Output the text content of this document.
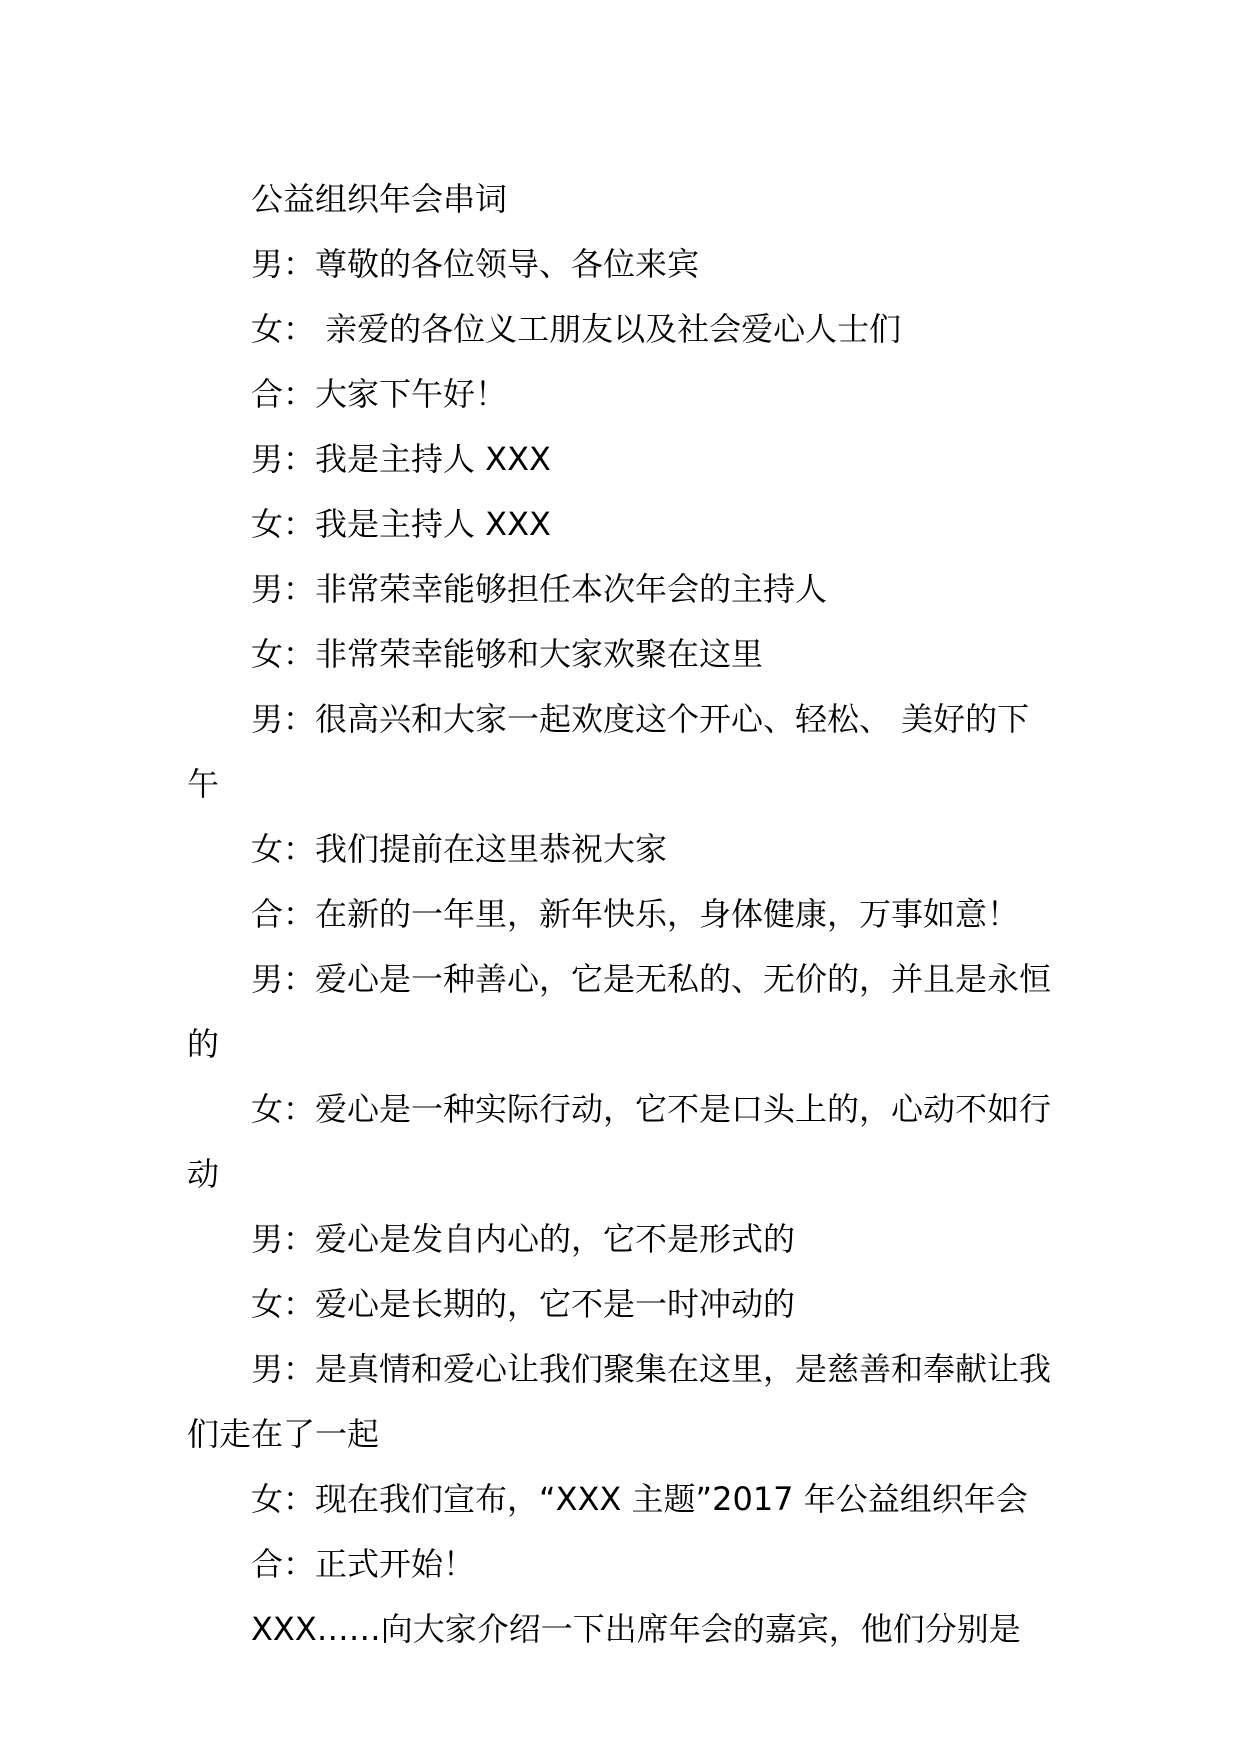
公益组织年会串词

男：尊敬的各位领导、各位来宾

女： 亲爱的各位义工朋友以及社会爱心人士们

合：大家下午好！

男：我是主持人 XXX

女：我是主持人 XXX

男：非常荣幸能够担任本次年会的主持人

女：非常荣幸能够和大家欢聚在这里

男：很高兴和大家一起欢度这个开心、轻松、 美好的下午

女：我们提前在这里恭祝大家

合：在新的一年里，新年快乐，身体健康，万事如意！

男：爱心是一种善心，它是无私的、无价的，并且是永恒的

女：爱心是一种实际行动，它不是口头上的，心动不如行动

男：爱心是发自内心的，它不是形式的

女：爱心是长期的，它不是一时冲动的

男：是真情和爱心让我们聚集在这里，是慈善和奉献让我们走在了一起

女：现在我们宣布，“XXX 主题”2017 年公益组织年会

合：正式开始！

XXX……向大家介绍一下出席年会的嘉宾，他们分别是
